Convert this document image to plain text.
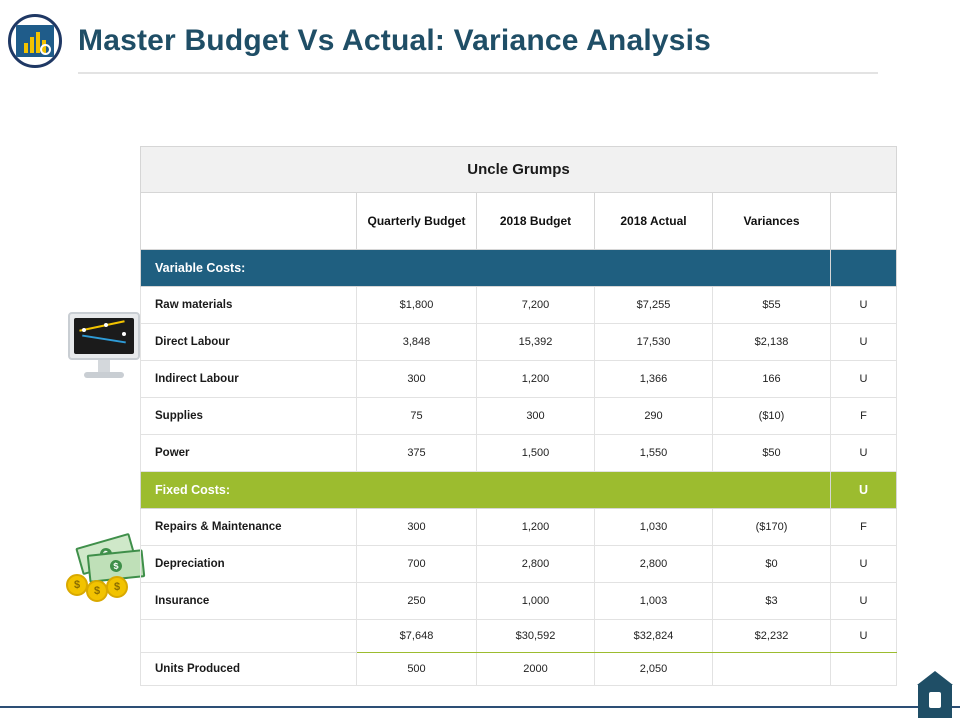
Master Budget Vs Actual: Variance Analysis
$
$ $ $
Uncle Grumps					
	Quarterly Budget	2018 Budget	2018 Actual	Variances	
Variable Costs:					
Raw materials	$1,800	7,200	$7,255	$55	U
Direct Labour	3,848	15,392	17,530	$2,138	U
Indirect Labour	300	1,200	1,366	166	U
Supplies	75	300	290	($10)	F
Power	375	1,500	1,550	$50	U
Fixed Costs:					U
Repairs & Maintenance	300	1,200	1,030	($170)	F
Depreciation	700	2,800	2,800	$0	U
Insurance	250	1,000	1,003	$3	U
	$7,648	$30,592	$32,824	$2,232	U
Units Produced	500	2000	2,050		
